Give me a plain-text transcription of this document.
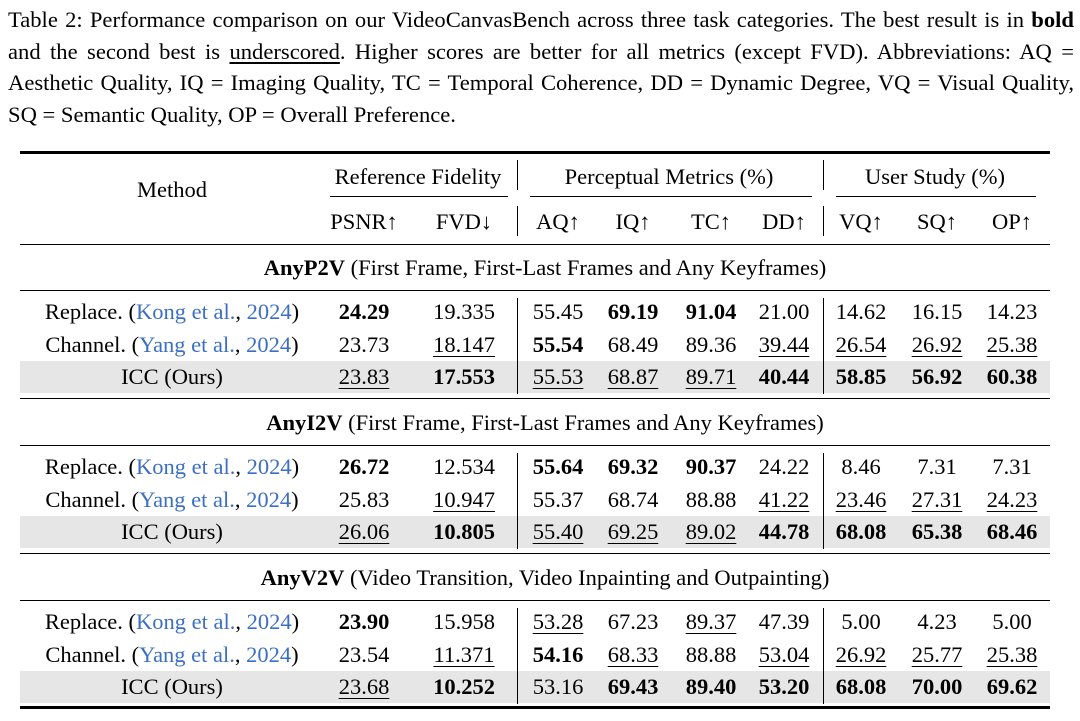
Table 2: Performance comparison on our VideoCanvasBench across three task categories. The best result is in bold and the second best is underscored. Higher scores are better for all metrics (except FVD). Abbreviations: AQ = Aesthetic Quality, IQ = Imaging Quality, TC = Temporal Coherence, DD = Dynamic Degree, VQ = Visual Quality, SQ = Semantic Quality, OP = Overall Preference.
Method
Reference Fidelity	Perceptual Metrics (%)	User Study (%)
PSNR↑ FVD↓ AQ↑ IQ↑ TC↑ DD↑ VQ↑ SQ↑ OP↑
AnyP2V (First Frame, First-Last Frames and Any Keyframes)
Replace. (Kong et al., 2024) 24.29 19.335 55.45 69.19 91.04 21.00 14.62 16.15 14.23
Channel. (Yang et al., 2024) 23.73 18.147 55.54 68.49 89.36 39.44 26.54 26.92 25.38
ICC (Ours)	23.83 17.553 55.53 68.87 89.71 40.44 58.85 56.92 60.38
AnyI2V (First Frame, First-Last Frames and Any Keyframes)
Replace. (Kong et al., 2024) 26.72 12.534 55.64 69.32 90.37 24.22 8.46 7.31 7.31
Channel. (Yang et al., 2024) 25.83 10.947 55.37 68.74 88.88 41.22 23.46 27.31 24.23
ICC (Ours)	26.06 10.805 55.40 69.25 89.02 44.78 68.08 65.38 68.46
AnyV2V (Video Transition, Video Inpainting and Outpainting)
Replace. (Kong et al., 2024) 23.90 15.958 53.28 67.23 89.37 47.39 5.00 4.23 5.00
Channel. (Yang et al., 2024) 23.54 11.371 54.16 68.33 88.88 53.04 26.92 25.77 25.38
ICC (Ours)	23.68 10.252 53.16 69.43 89.40 53.20 68.08 70.00 69.62
